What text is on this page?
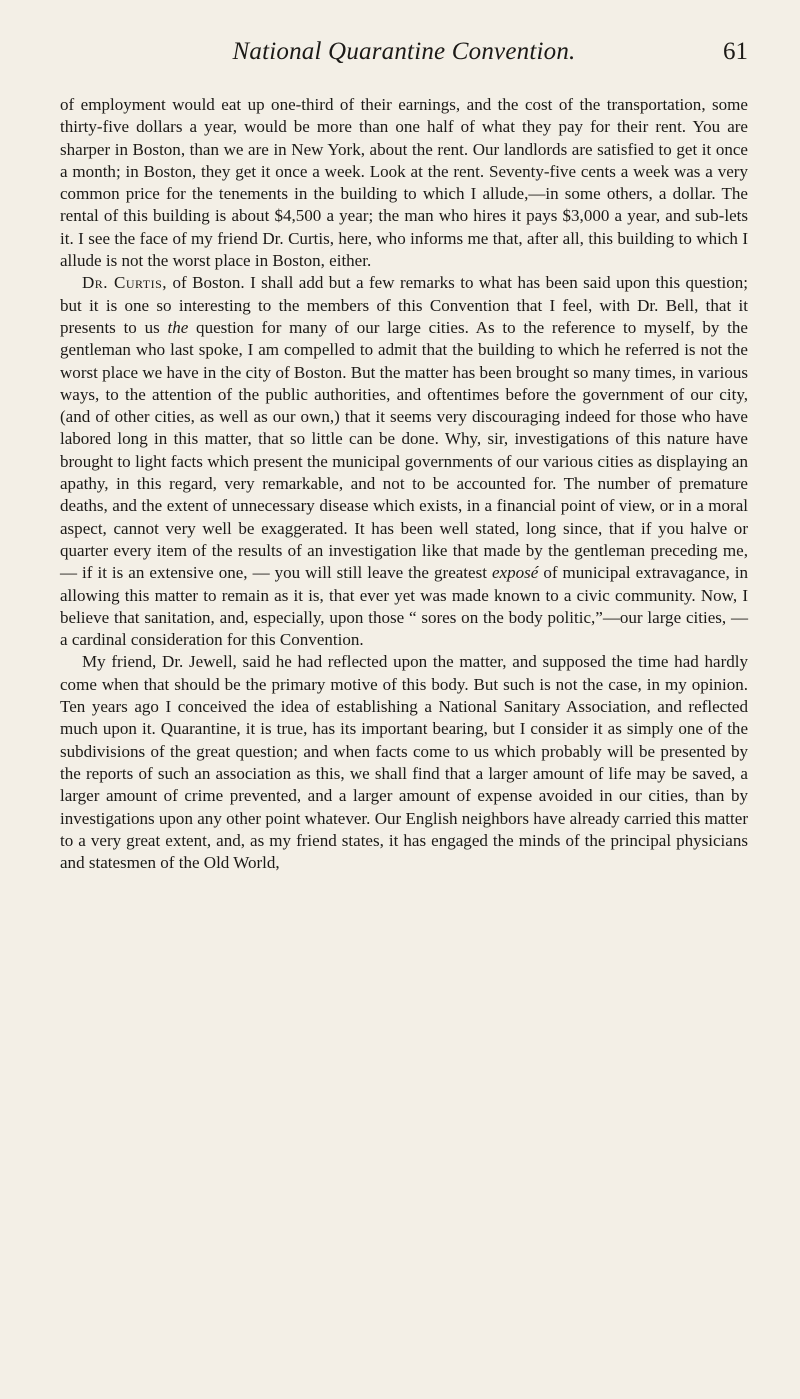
National Quarantine Convention.	61

of employment would eat up one-third of their earnings, and the cost of the transportation, some thirty-five dollars a year, would be more than one half of what they pay for their rent. You are sharper in Boston, than we are in New York, about the rent. Our landlords are satisfied to get it once a month; in Boston, they get it once a week. Look at the rent. Seventy-five cents a week was a very common price for the tenements in the building to which I allude,—in some others, a dollar. The rental of this building is about $4,500 a year; the man who hires it pays $3,000 a year, and sub-lets it. I see the face of my friend Dr. Curtis, here, who informs me that, after all, this building to which I allude is not the worst place in Boston, either.

Dr. Curtis, of Boston. I shall add but a few remarks to what has been said upon this question; but it is one so interesting to the members of this Convention that I feel, with Dr. Bell, that it presents to us the question for many of our large cities. As to the reference to myself, by the gentleman who last spoke, I am compelled to admit that the building to which he referred is not the worst place we have in the city of Boston. But the matter has been brought so many times, in various ways, to the attention of the public authorities, and oftentimes before the government of our city, (and of other cities, as well as our own,) that it seems very discouraging indeed for those who have labored long in this matter, that so little can be done. Why, sir, investigations of this nature have brought to light facts which present the municipal governments of our various cities as displaying an apathy, in this regard, very remarkable, and not to be accounted for. The number of premature deaths, and the extent of unnecessary disease which exists, in a financial point of view, or in a moral aspect, cannot very well be exaggerated. It has been well stated, long since, that if you halve or quarter every item of the results of an investigation like that made by the gentleman preceding me, — if it is an extensive one, — you will still leave the greatest exposé of municipal extravagance, in allowing this matter to remain as it is, that ever yet was made known to a civic community. Now, I believe that sanitation, and, especially, upon those “ sores on the body politic,”—our large cities, — a cardinal consideration for this Convention.

My friend, Dr. Jewell, said he had reflected upon the matter, and supposed the time had hardly come when that should be the primary motive of this body. But such is not the case, in my opinion. Ten years ago I conceived the idea of establishing a National Sanitary Association, and reflected much upon it. Quarantine, it is true, has its important bearing, but I consider it as simply one of the subdivisions of the great question; and when facts come to us which probably will be presented by the reports of such an association as this, we shall find that a larger amount of life may be saved, a larger amount of crime prevented, and a larger amount of expense avoided in our cities, than by investigations upon any other point whatever. Our English neighbors have already carried this matter to a very great extent, and, as my friend states, it has engaged the minds of the principal physicians and statesmen of the Old World,
